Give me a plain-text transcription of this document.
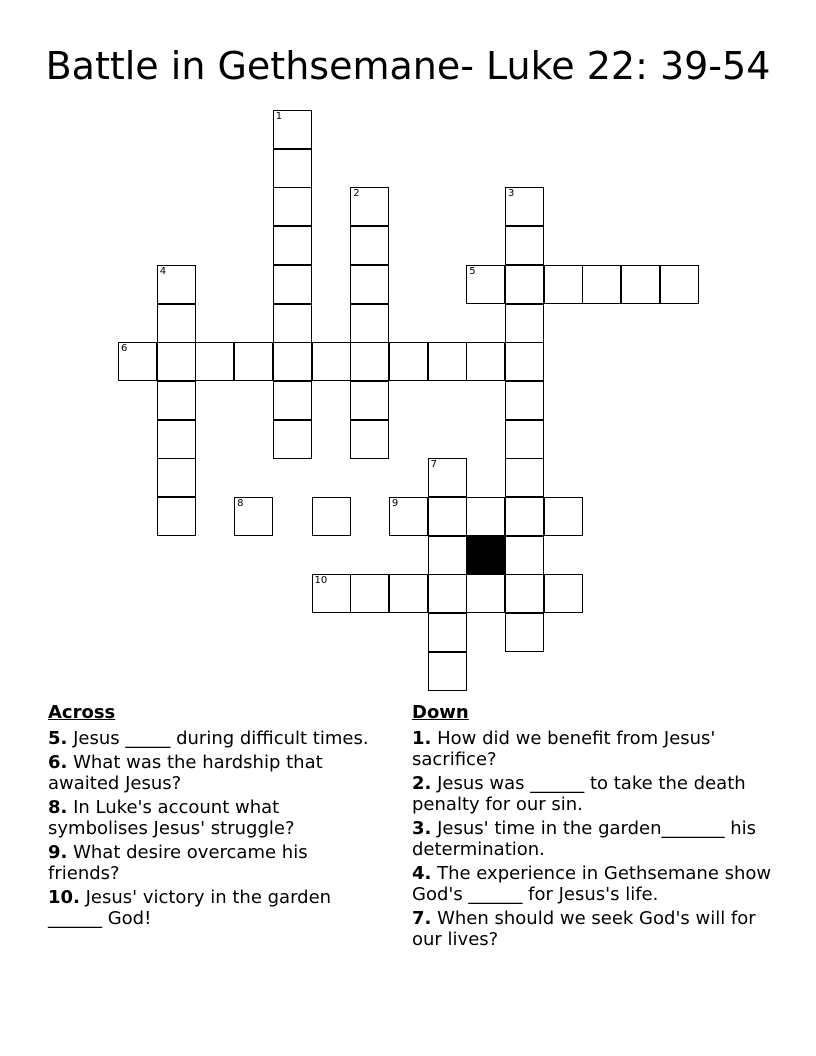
Battle in Gethsemane- Luke 22: 39-54
1
2	3
4	5
6
7
8	9
10
Across
5. Jesus _____ during difficult times.
6. What was the hardship that awaited Jesus?
8. In Luke's account what symbolises Jesus' struggle?
9. What desire overcame his friends?
10. Jesus' victory in the garden ______ God!
Down
1. How did we benefit from Jesus' sacrifice?
2. Jesus was ______ to take the death penalty for our sin.
3. Jesus' time in the garden_______ his determination.
4. The experience in Gethsemane show God's ______ for Jesus's life.
7. When should we seek God's will for our lives?
